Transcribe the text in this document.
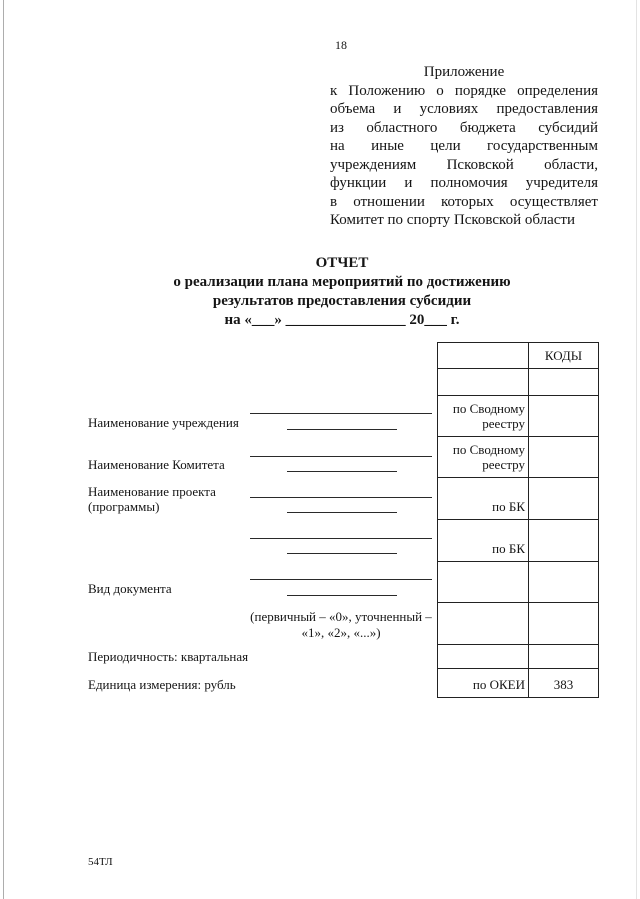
18
Приложение
к Положению о порядке определения
объема и условиях предоставления
из областного бюджета субсидий
на иные цели государственным
учреждениям Псковской области,
функции и полномочия учредителя
в отношении которых осуществляет
Комитет по спорту Псковской области
ОТЧЕТ
о реализации плана мероприятий по достижению
результатов предоставления субсидии
на «___» ________________ 20___ г.
Наименование учреждения
Наименование Комитета
Наименование проекта
(программы)
Вид документа
(первичный – «0», уточненный –
«1», «2», «...»)
Периодичность: квартальная
Единица измерения: рубль
КОДЫ
по Сводному реестру
по Сводному реестру
по БК
по БК
по ОКЕИ 383
54ТЛ
